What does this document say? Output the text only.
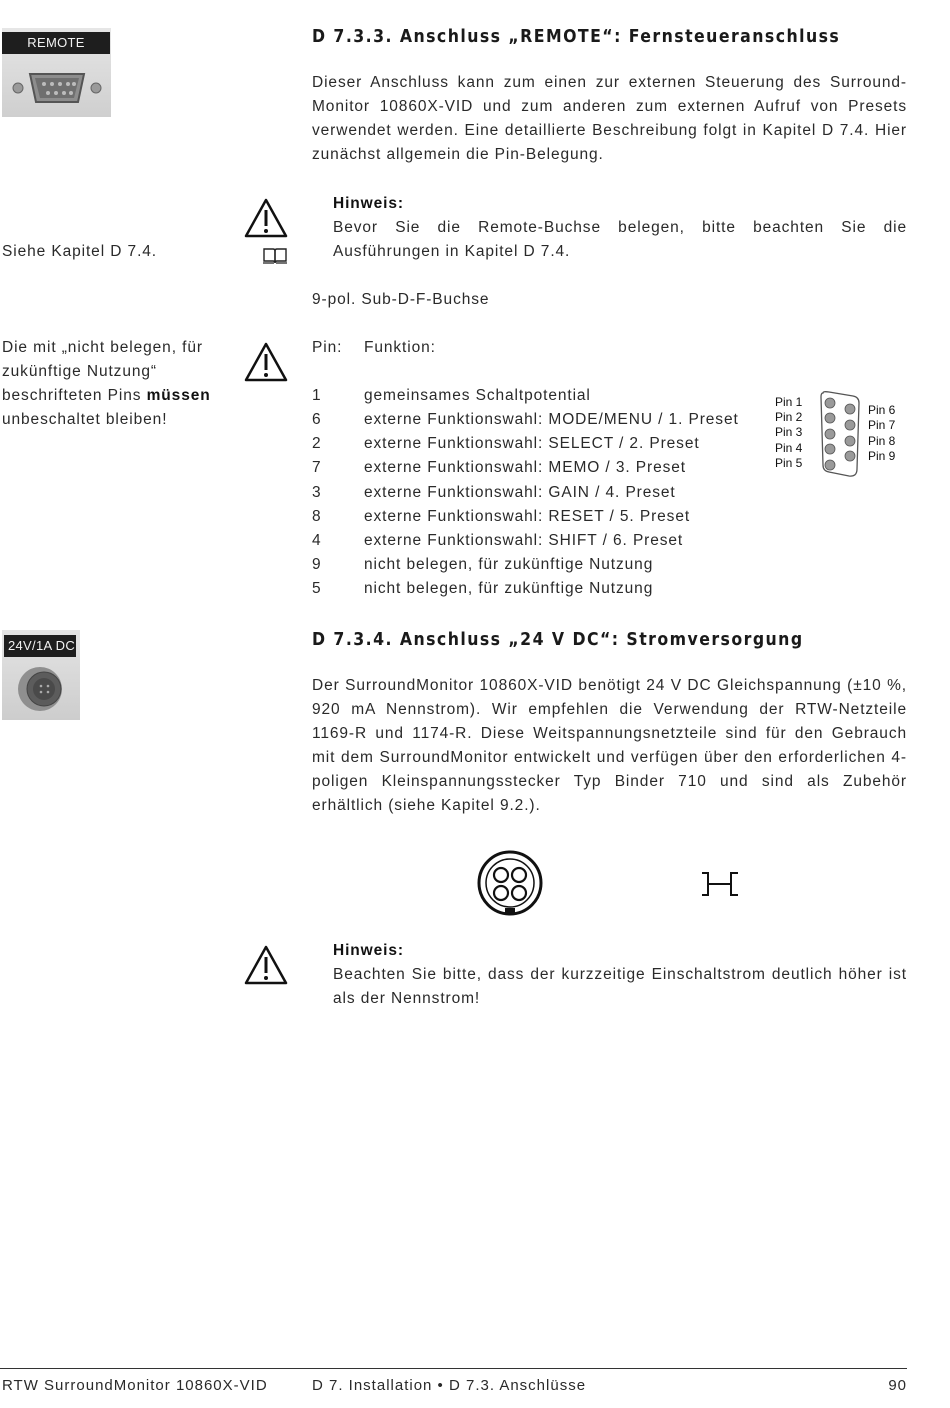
REMOTE	D 7.3.3. Anschluss „REMOTE“: Fernsteueranschluss
Dieser Anschluss kann zum einen zur externen Steuerung des Surround-Monitor 10860X-VID und zum anderen zum externen Aufruf von Presets verwendet werden. Eine detaillierte Beschreibung folgt in Kapitel D 7.4. Hier zunächst allgemein die Pin-Belegung.
Hinweis:
Bevor Sie die Remote-Buchse belegen, bitte beachten Sie die Ausführungen in Kapitel D 7.4.
Siehe Kapitel D 7.4.
9-pol. Sub-D-F-Buchse
Die mit „nicht belegen, für zukünftige Nutzung“ beschrifteten Pins müssen unbeschaltet bleiben!
Pin: Funktion:
1	gemeinsames Schaltpotential
6	externe Funktionswahl: MODE/MENU / 1. Preset
2	externe Funktionswahl: SELECT / 2. Preset
7	externe Funktionswahl: MEMO / 3. Preset
3	externe Funktionswahl: GAIN / 4. Preset
8	externe Funktionswahl: RESET / 5. Preset
4	externe Funktionswahl: SHIFT / 6. Preset
9	nicht belegen, für zukünftige Nutzung
5	nicht belegen, für zukünftige Nutzung
Pin 1
Pin 2
Pin 3
Pin 4
Pin 5
Pin 6
Pin 7
Pin 8
Pin 9
24V/1A DC	D 7.3.4. Anschluss „24 V DC“: Stromversorgung
Der SurroundMonitor 10860X-VID benötigt 24 V DC Gleichspannung (±10 %, 920 mA Nennstrom). Wir empfehlen die Verwendung der RTW-Netzteile 1169-R und 1174-R. Diese Weitspannungsnetzteile sind für den Gebrauch mit dem SurroundMonitor entwickelt und verfügen über den erforderlichen 4-poligen Kleinspannungsstecker Typ Binder 710 und sind als Zubehör erhältlich (siehe Kapitel 9.2.).
Hinweis:
Beachten Sie bitte, dass der kurzzeitige Einschaltstrom deutlich höher ist als der Nennstrom!
RTW SurroundMonitor 10860X-VID	D 7. Installation • D 7.3. Anschlüsse	90
